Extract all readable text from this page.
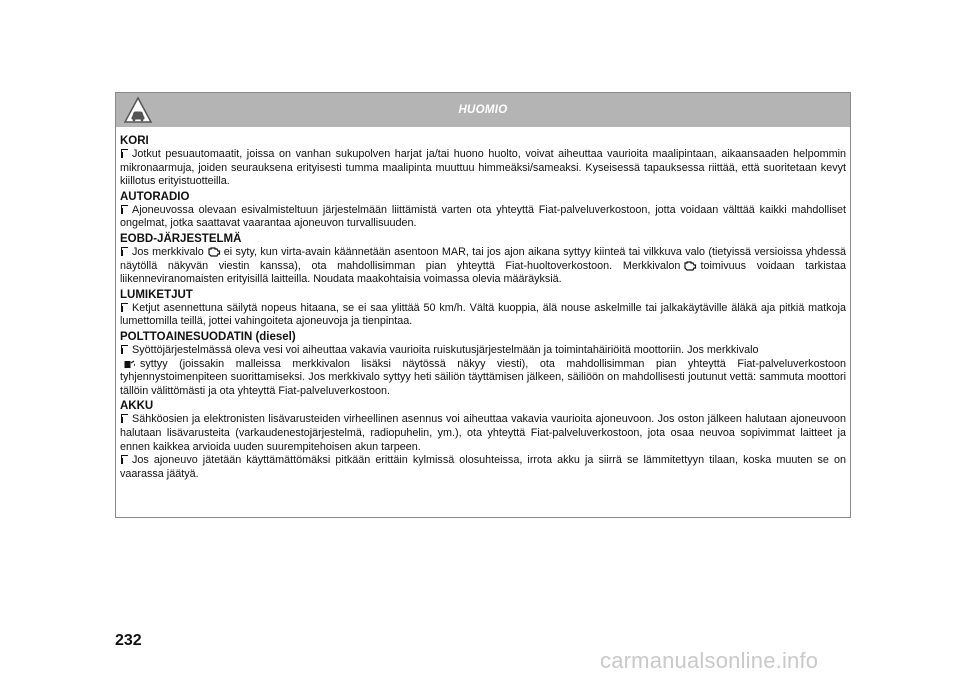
HUOMIO
KORI

Jotkut pesuautomaatit, joissa on vanhan sukupolven harjat ja/tai huono huolto, voivat aiheuttaa vaurioita maalipintaan, aikaansaaden helpommin mikronaarmuja, joiden seurauksena erityisesti tumma maalipinta muuttuu himmeäksi/sameaksi. Kyseisessä tapauksessa riittää, että suoritetaan kevyt kiillotus erityistuotteilla.

AUTORADIO

Ajoneuvossa olevaan esivalmisteltuun järjestelmään liittämistä varten ota yhteyttä Fiat-palveluverkostoon, jotta voidaan välttää kaikki mahdolliset ongelmat, jotka saattavat vaarantaa ajoneuvon turvallisuuden.

EOBD-JÄRJESTELMÄ

Jos merkkivalo ei syty, kun virta-avain käännetään asentoon MAR, tai jos ajon aikana syttyy kiinteä tai vilkkuva valo (tietyissä versioissa yhdessä näytöllä näkyvän viestin kanssa), ota mahdollisimman pian yhteyttä Fiat-huoltoverkostoon. Merkkivalon toimivuus voidaan tarkistaa liikenneviranomaisten erityisillä laitteilla. Noudata maakohtaisia voimassa olevia määräyksiä.

LUMIKETJUT

Ketjut asennettuna säilytä nopeus hitaana, se ei saa ylittää 50 km/h. Vältä kuoppia, älä nouse askelmille tai jalkakäytäville äläkä aja pitkiä matkoja lumettomilla teillä, jottei vahingoiteta ajoneuvoja ja tienpintaa.

POLTTOAINESUODATIN (diesel)

Syöttöjärjestelmässä oleva vesi voi aiheuttaa vakavia vaurioita ruiskutusjärjestelmään ja toimintahäiriöitä moottoriin. Jos merkkivalo
syttyy (joissakin malleissa merkkivalon lisäksi näytössä näkyy viesti), ota mahdollisimman pian yhteyttä Fiat-palveluverkostoon tyhjennystoimenpiteen suorittamiseksi. Jos merkkivalo syttyy heti säiliön täyttämisen jälkeen, säiliöön on mahdollisesti joutunut vettä: sammuta moottori tällöin välittömästi ja ota yhteyttä Fiat-palveluverkostoon.

AKKU

Sähköosien ja elektronisten lisävarusteiden virheellinen asennus voi aiheuttaa vakavia vaurioita ajoneuvoon. Jos oston jälkeen halutaan ajoneuvoon halutaan lisävarusteita (varkaudenestojärjestelmä, radiopuhelin, ym.), ota yhteyttä Fiat-palveluverkostoon, jota osaa neuvoa sopivimmat laitteet ja ennen kaikkea arvioida uuden suurempitehoisen akun tarpeen.

Jos ajoneuvo jätetään käyttämättömäksi pitkään erittäin kylmissä olosuhteissa, irrota akku ja siirrä se lämmitettyyn tilaan, koska muuten se on vaarassa jäätyä.

232
carmanualsonline.info
